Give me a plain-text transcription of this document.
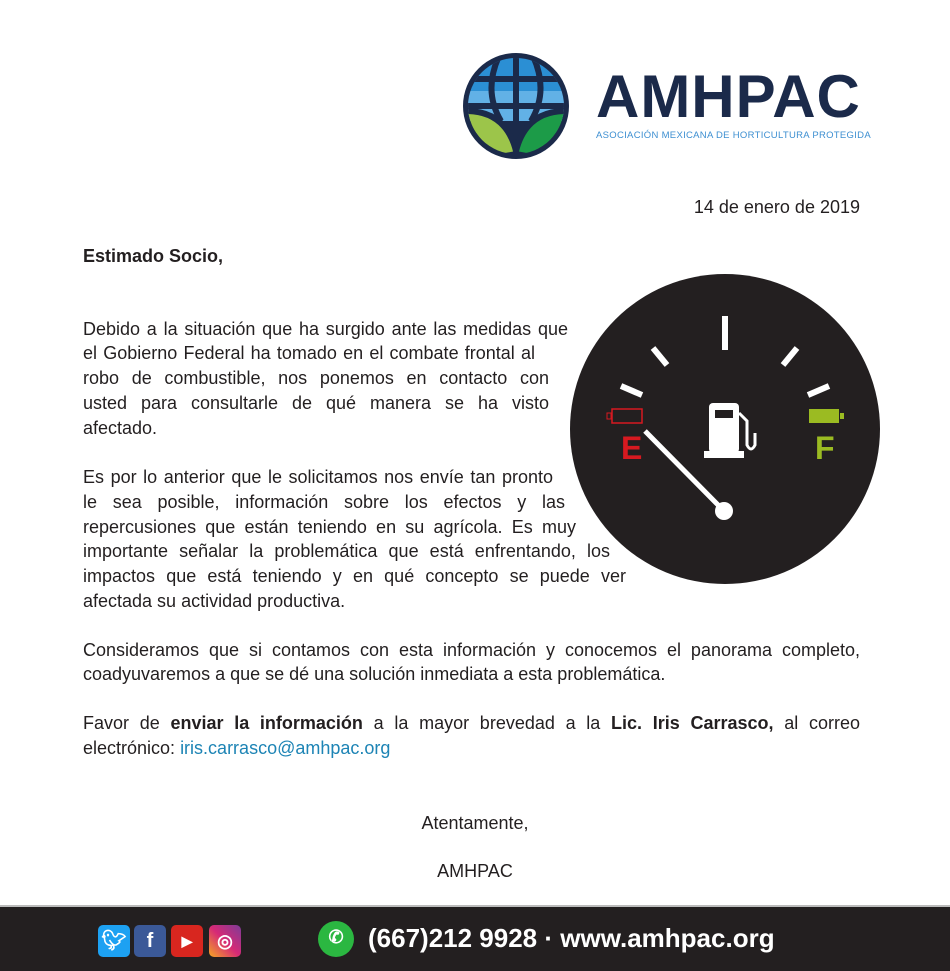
AMHPAC
ASOCIACIÓN MEXICANA DE HORTICULTURA PROTEGIDA
14 de enero de 2019
Estimado Socio,
Debido a la situación que ha surgido ante las medidas que
el Gobierno Federal ha tomado en el combate frontal al
robo de combustible, nos ponemos en contacto con
usted para consultarle de qué manera se ha visto
afectado.
Es por lo anterior que le solicitamos nos envíe tan pronto
le sea posible, información sobre los efectos y las
repercusiones que están teniendo en su agrícola. Es muy
importante señalar la problemática que está enfrentando, los
impactos que está teniendo y en qué concepto se puede ver
afectada su actividad productiva.
Consideramos que si contamos con esta información y conocemos el panorama completo,
coadyuvaremos a que se dé una solución inmediata a esta problemática.
Favor de enviar la información a la mayor brevedad a la Lic. Iris Carrasco, al correo
electrónico: iris.carrasco@amhpac.org
Atentamente,
AMHPAC
E	F
🐦︎ f	▶	◎	✆ (667)212 9928 · www.amhpac.org
